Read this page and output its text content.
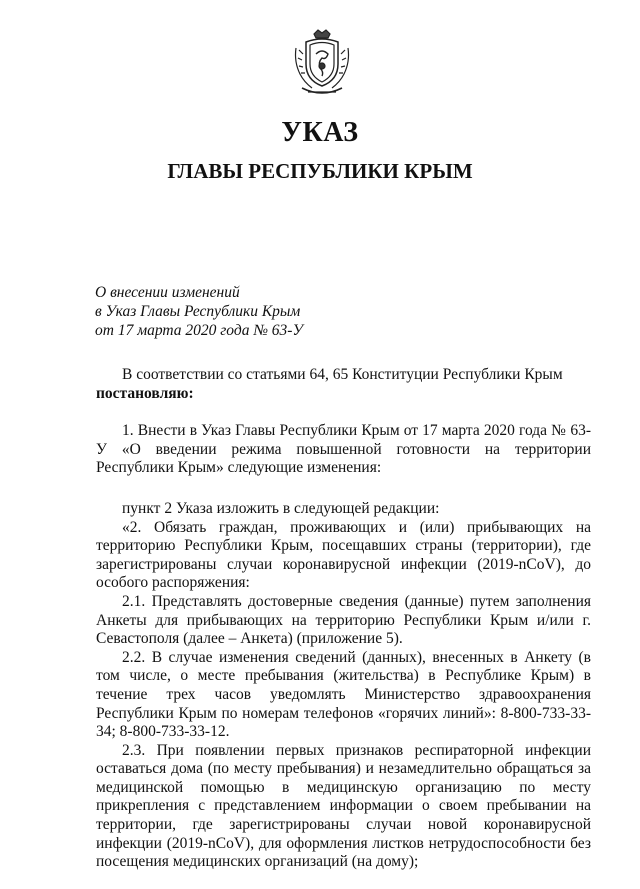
УКАЗ
ГЛАВЫ РЕСПУБЛИКИ КРЫМ
О внесении изменений
в Указ Главы Республики Крым
от 17 марта 2020 года № 63-У

В соответствии со статьями 64, 65 Конституции Республики Крым

постановляю:

1. Внести в Указ Главы Республики Крым от 17 марта 2020 года № 63-У «О введении режима повышенной готовности на территории Республики Крым» следующие изменения:

пункт 2 Указа изложить в следующей редакции:

«2. Обязать граждан, проживающих и (или) прибывающих на территорию Республики Крым, посещавших страны (территории), где зарегистрированы случаи коронавирусной инфекции (2019-nCoV), до особого распоряжения:

2.1. Представлять достоверные сведения (данные) путем заполнения Анкеты для прибывающих на территорию Республики Крым и/или г. Севастополя (далее – Анкета) (приложение 5).

2.2. В случае изменения сведений (данных), внесенных в Анкету (в том числе, о месте пребывания (жительства) в Республике Крым) в течение трех часов уведомлять Министерство здравоохранения Республики Крым по номерам телефонов «горячих линий»: 8-800-733-33-34; 8-800-733-33-12.

2.3. При появлении первых признаков респираторной инфекции оставаться дома (по месту пребывания) и незамедлительно обращаться за медицинской помощью в медицинскую организацию по месту прикрепления с представлением информации о своем пребывании на территории, где зарегистрированы случаи новой коронавирусной инфекции (2019-nCoV), для оформления листков нетрудоспособности без посещения медицинских организаций (на дому);
